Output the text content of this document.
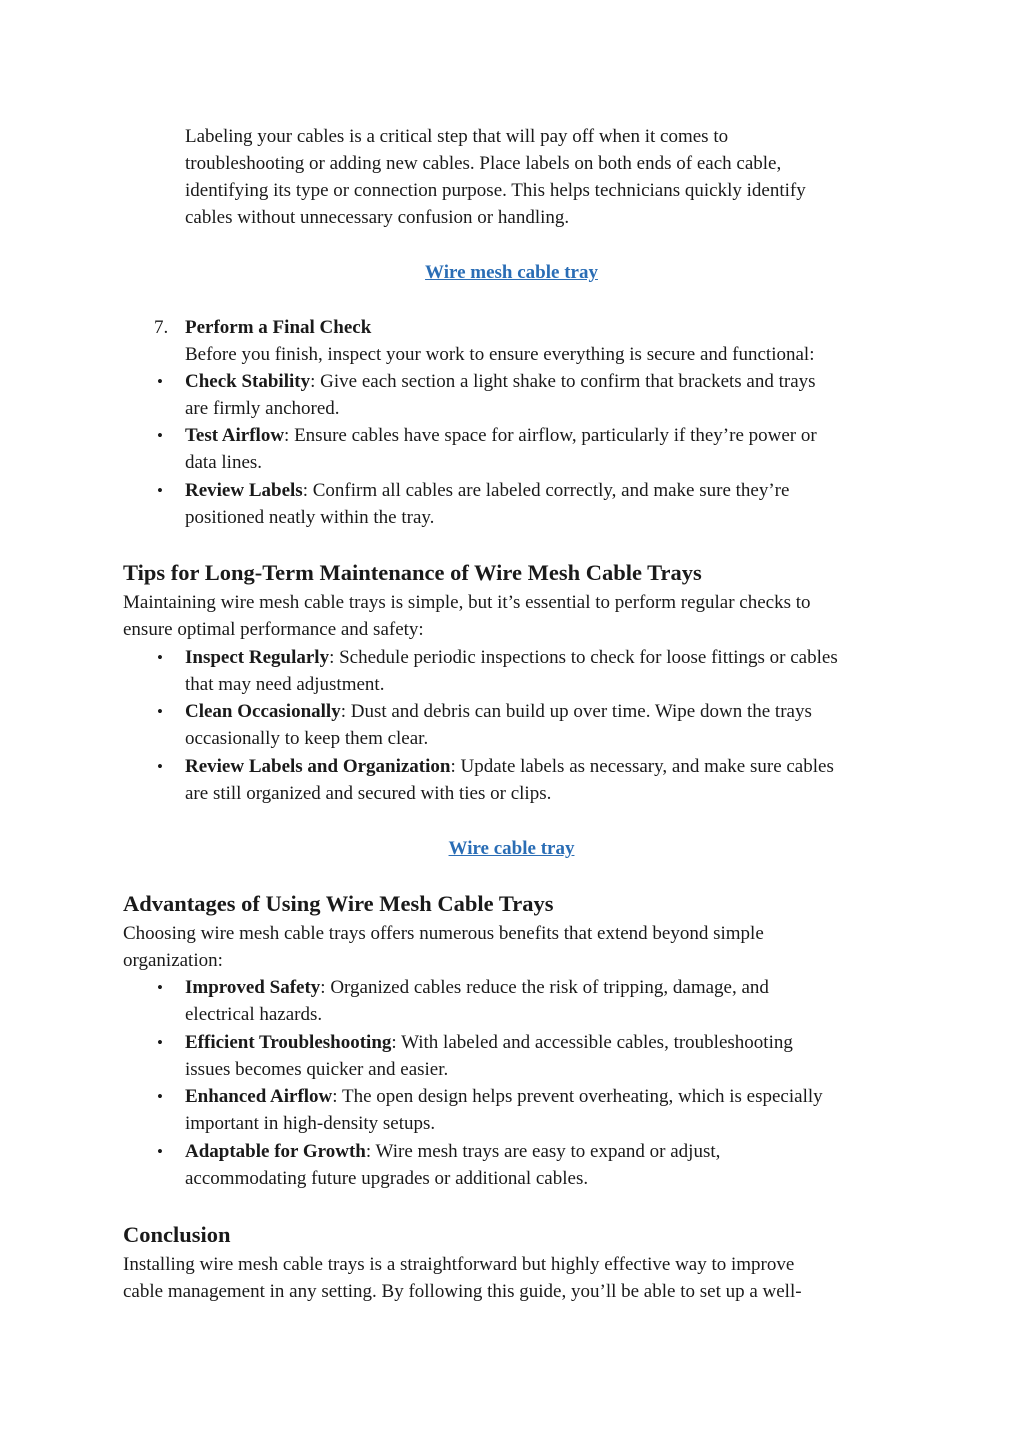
Labeling your cables is a critical step that will pay off when it comes to
troubleshooting or adding new cables. Place labels on both ends of each cable,
identifying its type or connection purpose. This helps technicians quickly identify
cables without unnecessary confusion or handling.
Wire mesh cable tray
7. Perform a Final Check
Before you finish, inspect your work to ensure everything is secure and functional:
• Check Stability: Give each section a light shake to confirm that brackets and trays
are firmly anchored.
• Test Airflow: Ensure cables have space for airflow, particularly if they’re power or
data lines.
• Review Labels: Confirm all cables are labeled correctly, and make sure they’re
positioned neatly within the tray.
Tips for Long-Term Maintenance of Wire Mesh Cable Trays
Maintaining wire mesh cable trays is simple, but it’s essential to perform regular checks to
ensure optimal performance and safety:
• Inspect Regularly: Schedule periodic inspections to check for loose fittings or cables
that may need adjustment.
• Clean Occasionally: Dust and debris can build up over time. Wipe down the trays
occasionally to keep them clear.
• Review Labels and Organization: Update labels as necessary, and make sure cables
are still organized and secured with ties or clips.
Wire cable tray
Advantages of Using Wire Mesh Cable Trays
Choosing wire mesh cable trays offers numerous benefits that extend beyond simple
organization:
• Improved Safety: Organized cables reduce the risk of tripping, damage, and
electrical hazards.
• Efficient Troubleshooting: With labeled and accessible cables, troubleshooting
issues becomes quicker and easier.
• Enhanced Airflow: The open design helps prevent overheating, which is especially
important in high-density setups.
• Adaptable for Growth: Wire mesh trays are easy to expand or adjust,
accommodating future upgrades or additional cables.
Conclusion
Installing wire mesh cable trays is a straightforward but highly effective way to improve
cable management in any setting. By following this guide, you’ll be able to set up a well-
